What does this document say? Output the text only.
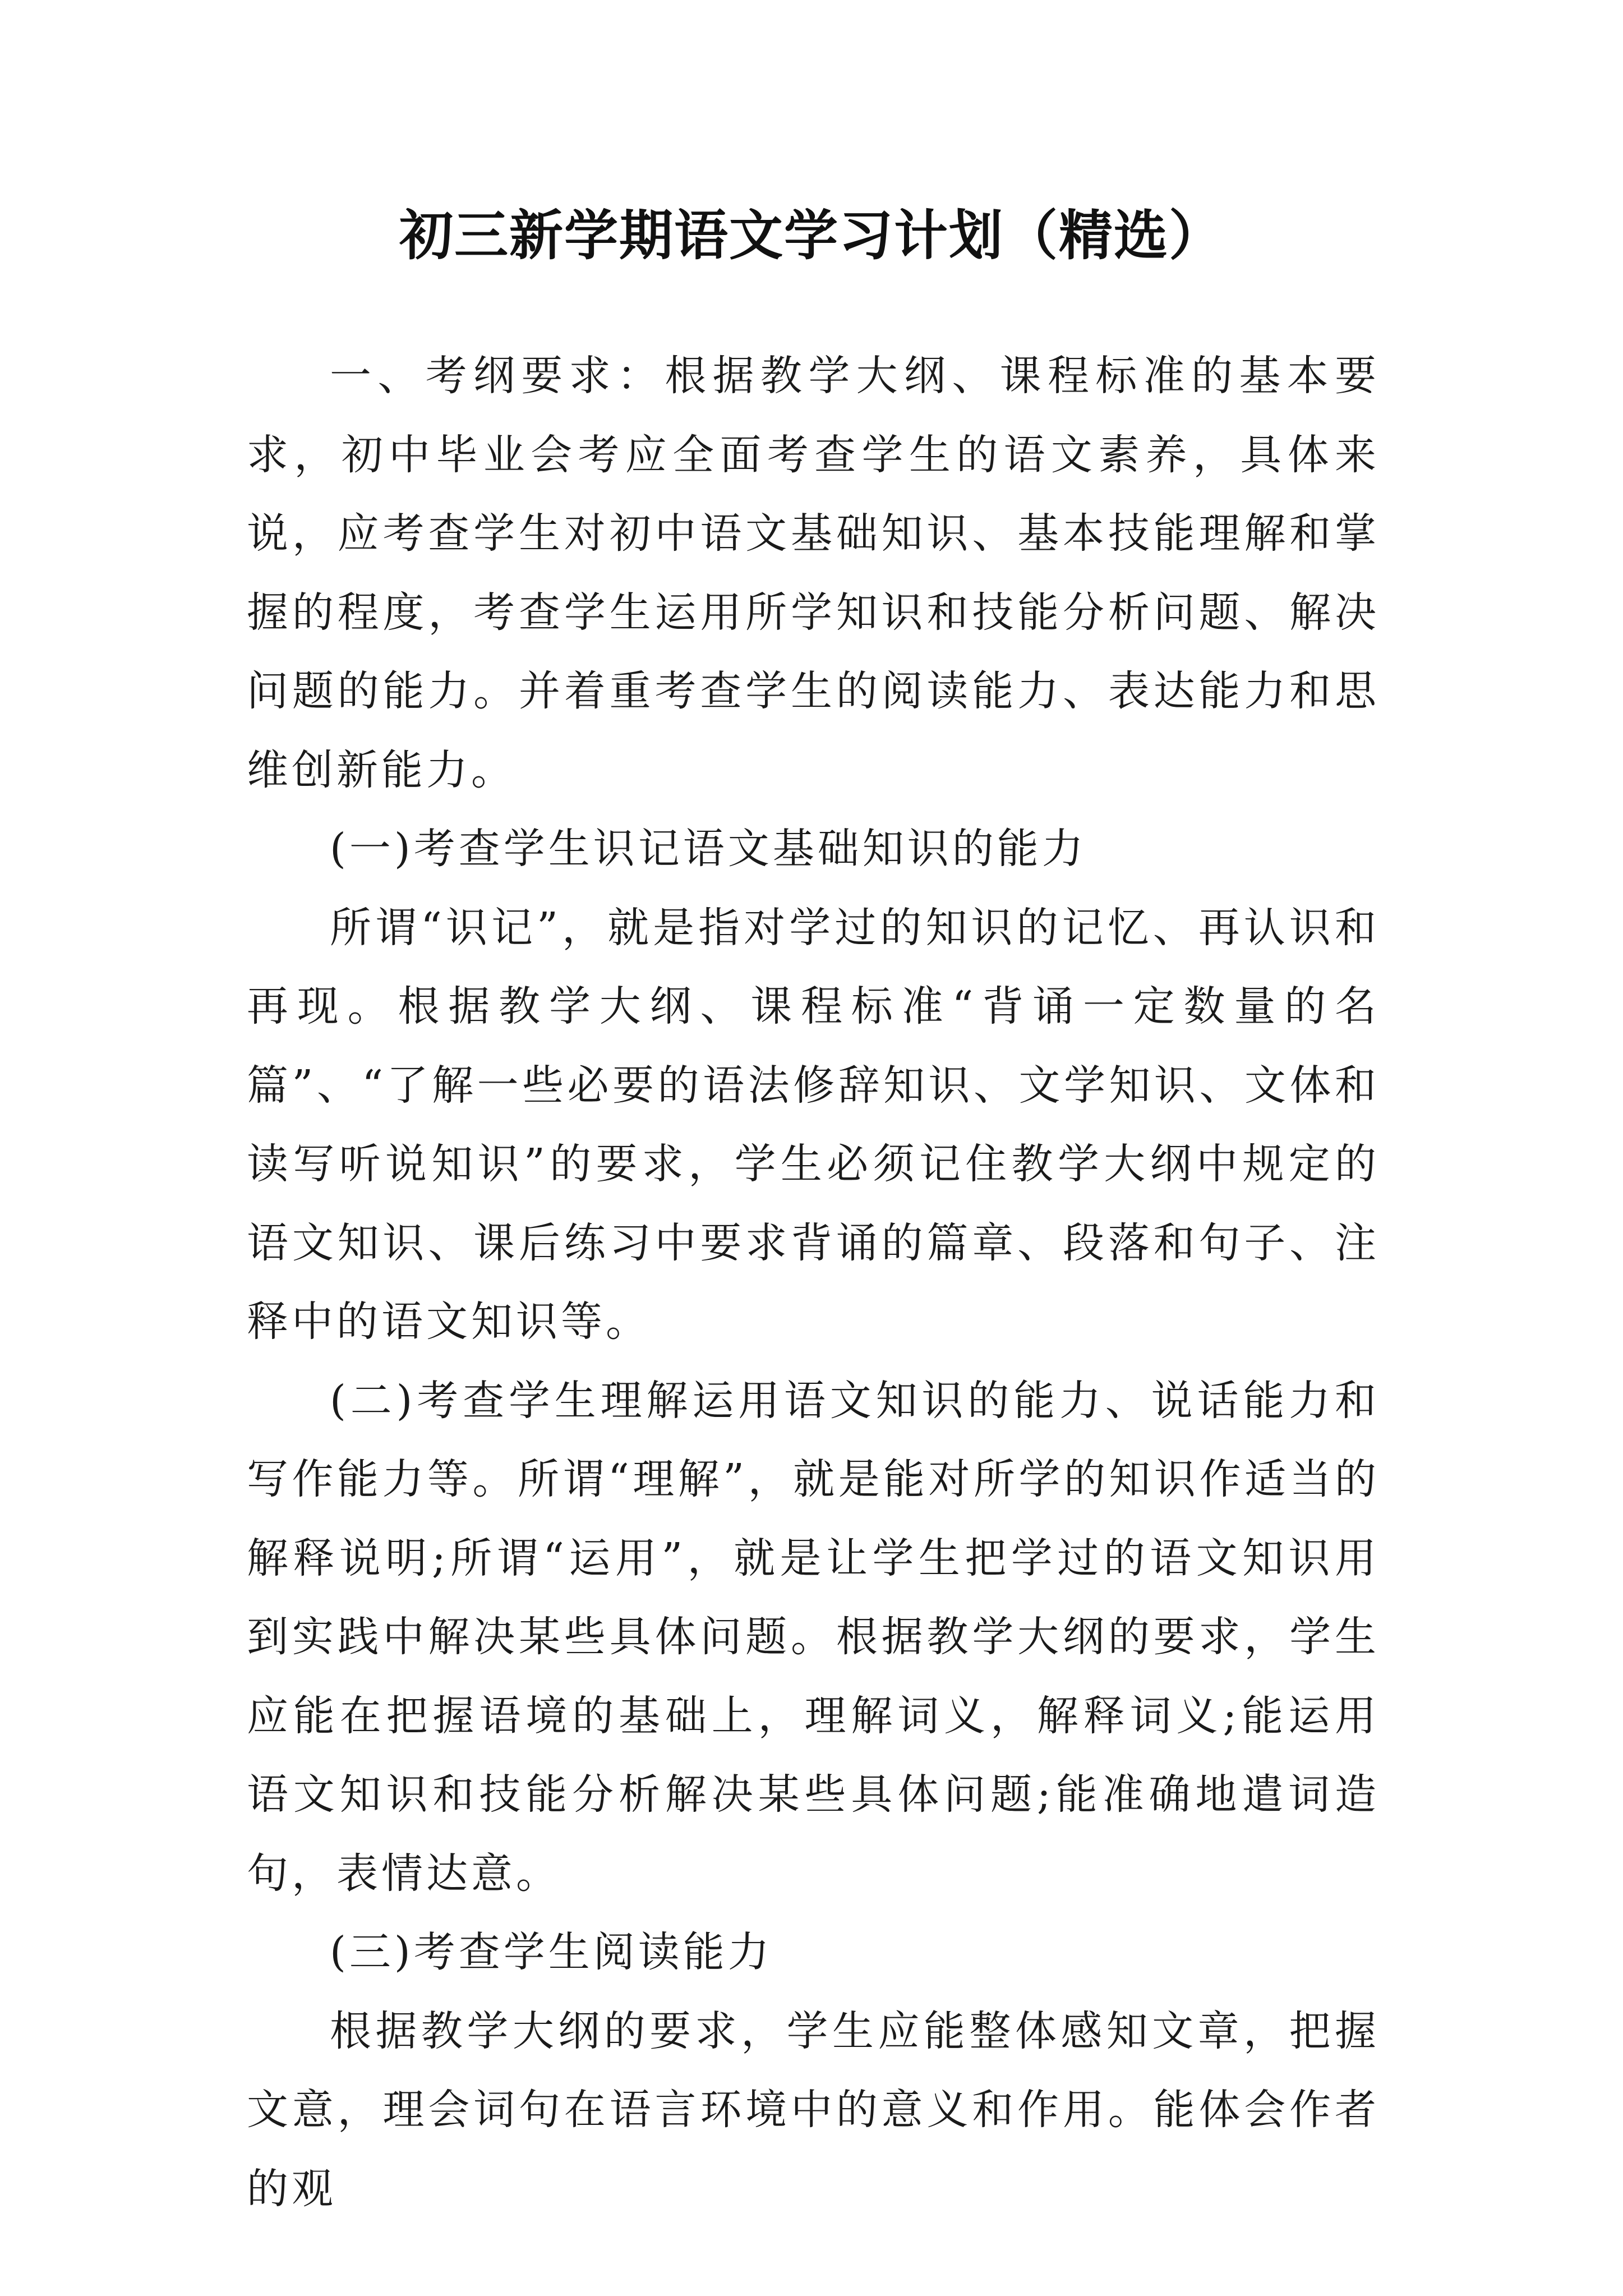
初三新学期语文学习计划（精选）

一、考纲要求：根据教学大纲、课程标准的基本要求，初中毕业会考应全面考查学生的语文素养，具体来说，应考查学生对初中语文基础知识、基本技能理解和掌握的程度，考查学生运用所学知识和技能分析问题、解决问题的能力。并着重考查学生的阅读能力、表达能力和思维创新能力。

(一)考查学生识记语文基础知识的能力

所谓“识记”，就是指对学过的知识的记忆、再认识和再现。根据教学大纲、课程标准“背诵一定数量的名篇”、“了解一些必要的语法修辞知识、文学知识、文体和读写听说知识”的要求，学生必须记住教学大纲中规定的语文知识、课后练习中要求背诵的篇章、段落和句子、注释中的语文知识等。

(二)考查学生理解运用语文知识的能力、说话能力和写作能力等。所谓“理解”，就是能对所学的知识作适当的解释说明;所谓“运用”，就是让学生把学过的语文知识用到实践中解决某些具体问题。根据教学大纲的要求，学生应能在把握语境的基础上，理解词义，解释词义;能运用语文知识和技能分析解决某些具体问题;能准确地遣词造句，表情达意。

(三)考查学生阅读能力

根据教学大纲的要求，学生应能整体感知文章，把握文意，理会词句在语言环境中的意义和作用。能体会作者的观
